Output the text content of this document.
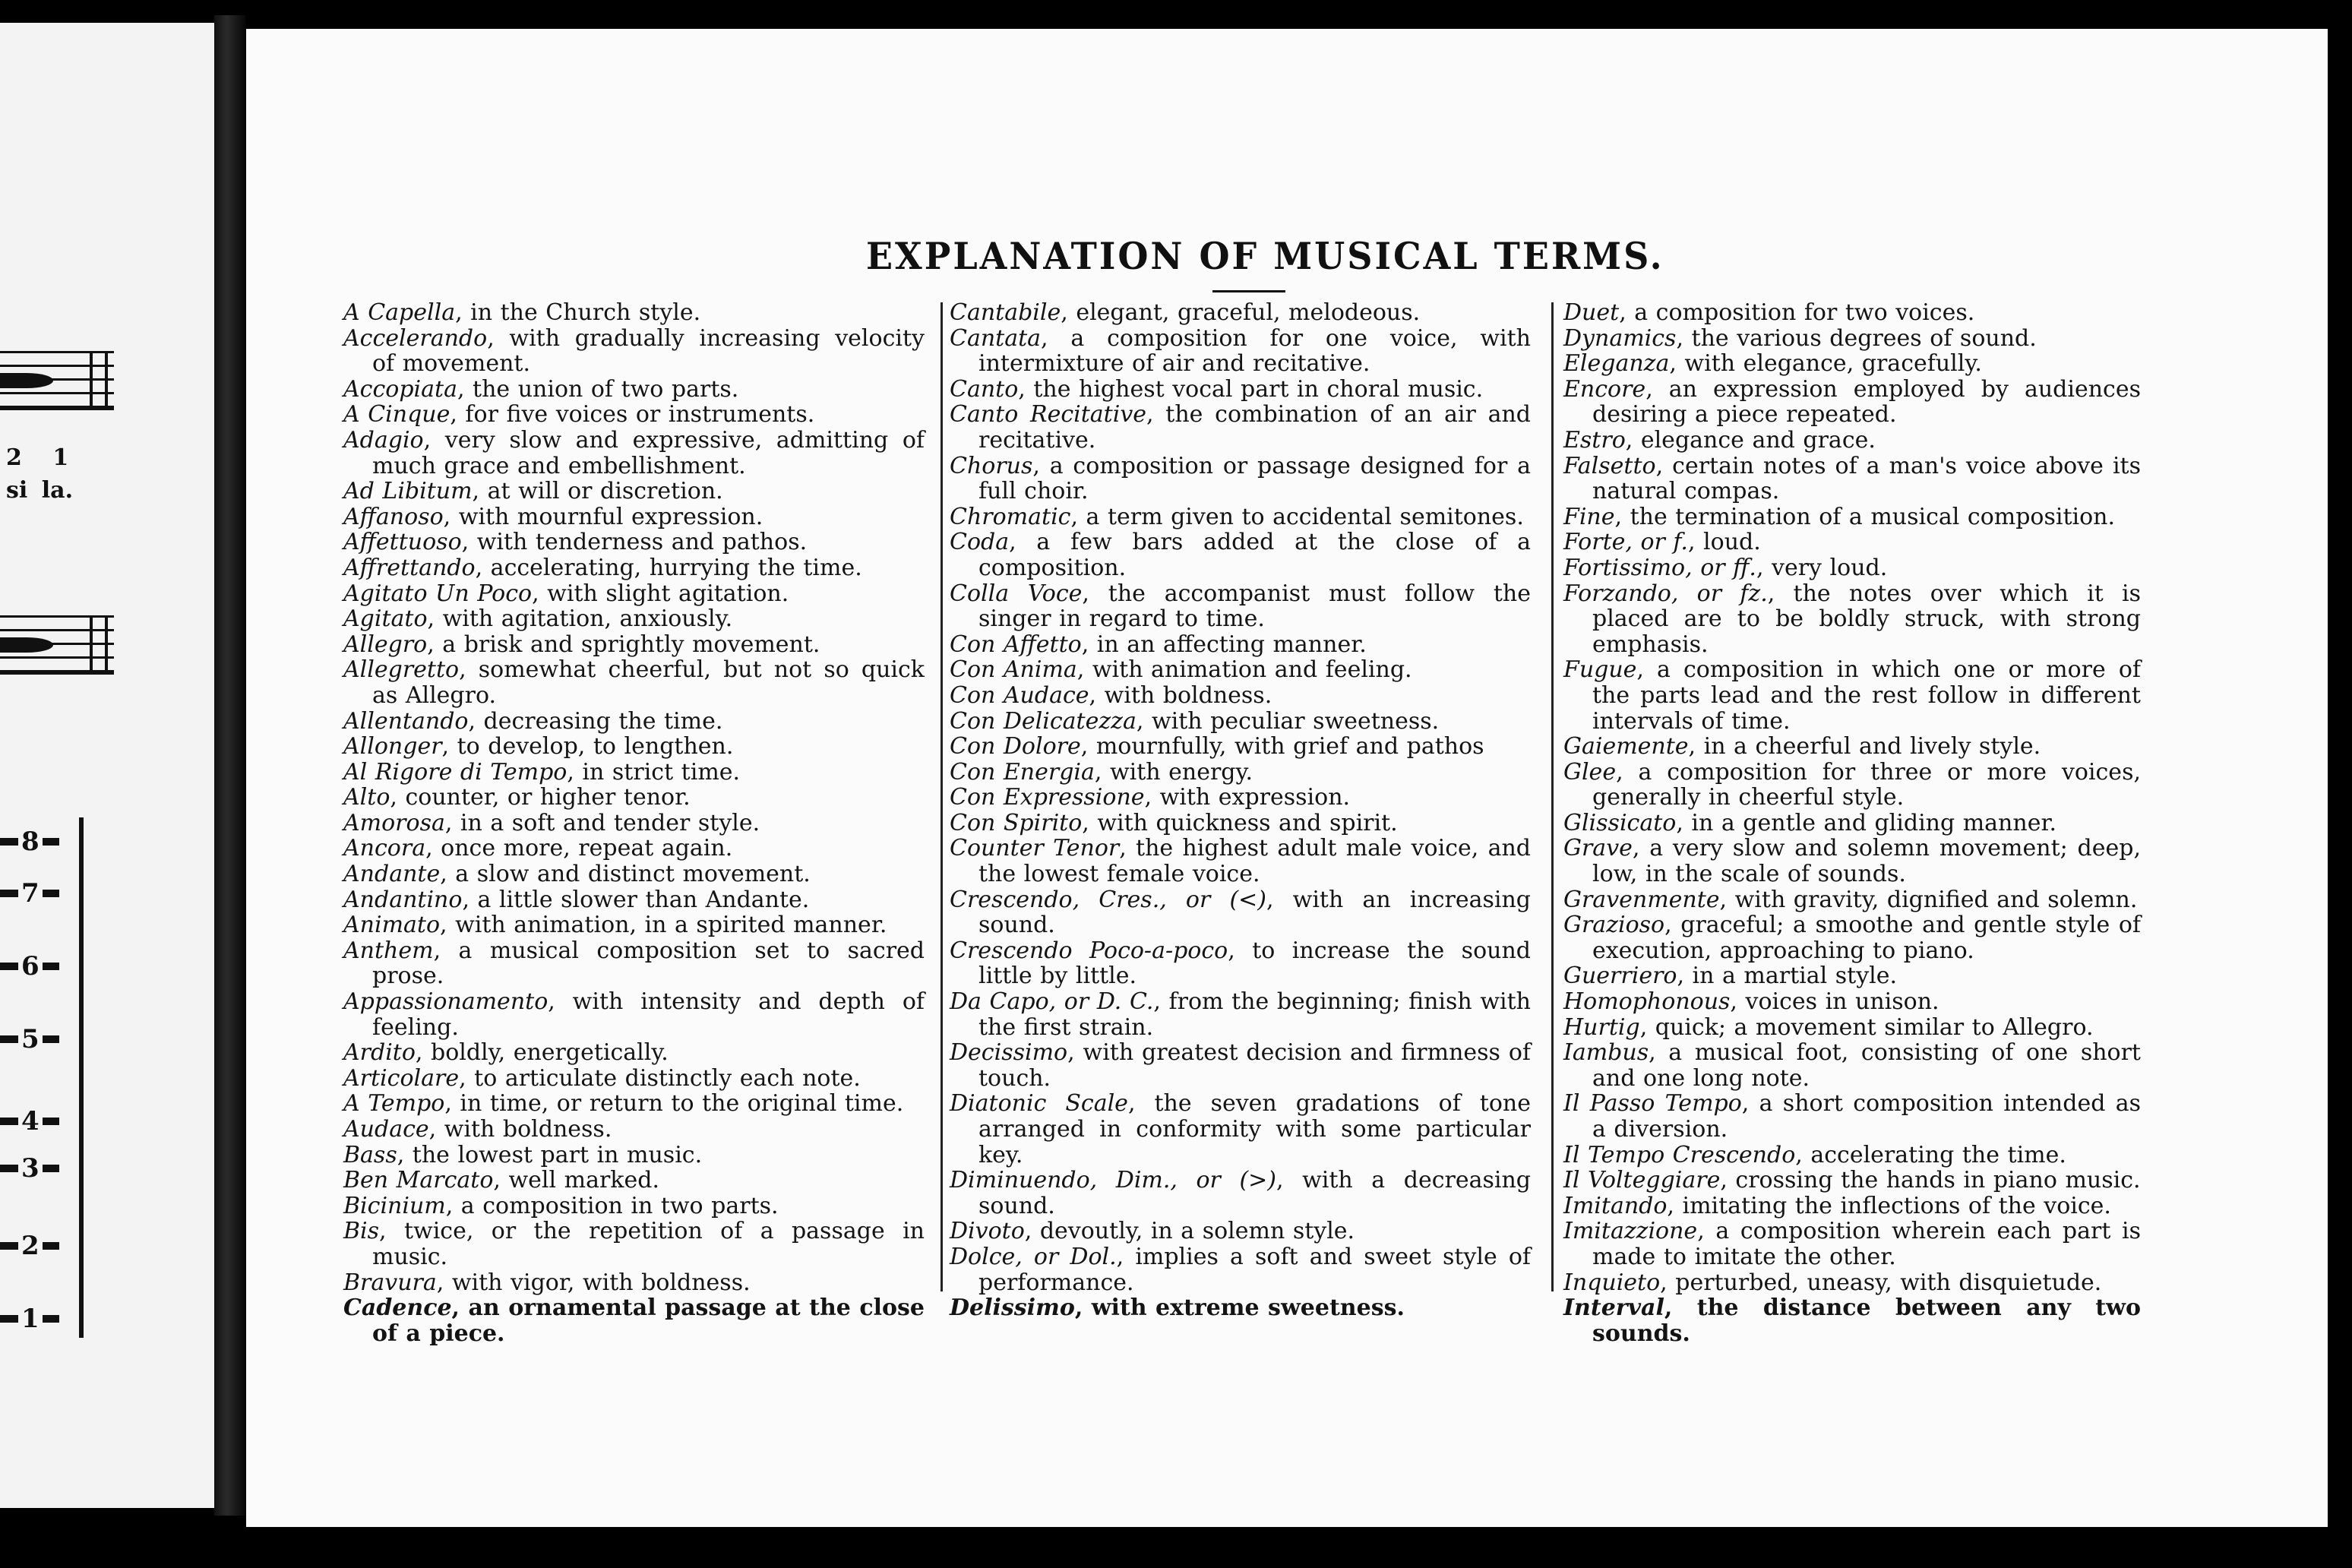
2 1
si la.
8
7
6
5
4
3
2
1
EXPLANATION OF MUSICAL TERMS.

A Capella, in the Church style.

Accelerando, with gradually increasing velocity of movement.

Accopiata, the union of two parts.

A Cinque, for five voices or instruments.

Adagio, very slow and expressive, admitting of much grace and embellishment.

Ad Libitum, at will or discretion.

Affanoso, with mournful expression.

Affettuoso, with tenderness and pathos.

Affrettando, accelerating, hurrying the time.

Agitato Un Poco, with slight agitation.

Agitato, with agitation, anxiously.

Allegro, a brisk and sprightly movement.

Allegretto, somewhat cheerful, but not so quick as Allegro.

Allentando, decreasing the time.

Allonger, to develop, to lengthen.

Al Rigore di Tempo, in strict time.

Alto, counter, or higher tenor.

Amorosa, in a soft and tender style.

Ancora, once more, repeat again.

Andante, a slow and distinct movement.

Andantino, a little slower than Andante.

Animato, with animation, in a spirited manner.

Anthem, a musical composition set to sacred prose.

Appassionamento, with intensity and depth of feeling.

Ardito, boldly, energetically.

Articolare, to articulate distinctly each note.

A Tempo, in time, or return to the original time.

Audace, with boldness.

Bass, the lowest part in music.

Ben Marcato, well marked.

Bicinium, a composition in two parts.

Bis, twice, or the repetition of a passage in music.

Bravura, with vigor, with boldness.

Cadence, an ornamental passage at the close of a piece.

Cantabile, elegant, graceful, melodeous.

Cantata, a composition for one voice, with intermixture of air and recitative.

Canto, the highest vocal part in choral music.

Canto Recitative, the combination of an air and recitative.

Chorus, a composition or passage designed for a full choir.

Chromatic, a term given to accidental semitones.

Coda, a few bars added at the close of a composition.

Colla Voce, the accompanist must follow the singer in regard to time.

Con Affetto, in an affecting manner.

Con Anima, with animation and feeling.

Con Audace, with boldness.

Con Delicatezza, with peculiar sweetness.

Con Dolore, mournfully, with grief and pathos

Con Energia, with energy.

Con Expressione, with expression.

Con Spirito, with quickness and spirit.

Counter Tenor, the highest adult male voice, and the lowest female voice.

Crescendo, Cres., or (<), with an increasing sound.

Crescendo Poco-a-poco, to increase the sound little by little.

Da Capo, or D. C., from the beginning; finish with the first strain.

Decissimo, with greatest decision and firmness of touch.

Diatonic Scale, the seven gradations of tone arranged in conformity with some particular key.

Diminuendo, Dim., or (>), with a decreasing sound.

Divoto, devoutly, in a solemn style.

Dolce, or Dol., implies a soft and sweet style of performance.

Delissimo, with extreme sweetness.

Duet, a composition for two voices.

Dynamics, the various degrees of sound.

Eleganza, with elegance, gracefully.

Encore, an expression employed by audiences desiring a piece repeated.

Estro, elegance and grace.

Falsetto, certain notes of a man's voice above its natural compas.

Fine, the termination of a musical composition.

Forte, or f., loud.

Fortissimo, or ff., very loud.

Forzando, or fz., the notes over which it is placed are to be boldly struck, with strong emphasis.

Fugue, a composition in which one or more of the parts lead and the rest follow in different intervals of time.

Gaiemente, in a cheerful and lively style.

Glee, a composition for three or more voices, generally in cheerful style.

Glissicato, in a gentle and gliding manner.

Grave, a very slow and solemn movement; deep, low, in the scale of sounds.

Gravenmente, with gravity, dignified and solemn.

Grazioso, graceful; a smoothe and gentle style of execution, approaching to piano.

Guerriero, in a martial style.

Homophonous, voices in unison.

Hurtig, quick; a movement similar to Allegro.

Iambus, a musical foot, consisting of one short and one long note.

Il Passo Tempo, a short composition intended as a diversion.

Il Tempo Crescendo, accelerating the time.

Il Volteggiare, crossing the hands in piano music.

Imitando, imitating the inflections of the voice.

Imitazzione, a composition wherein each part is made to imitate the other.

Inquieto, perturbed, uneasy, with disquietude.

Interval, the distance between any two sounds.
